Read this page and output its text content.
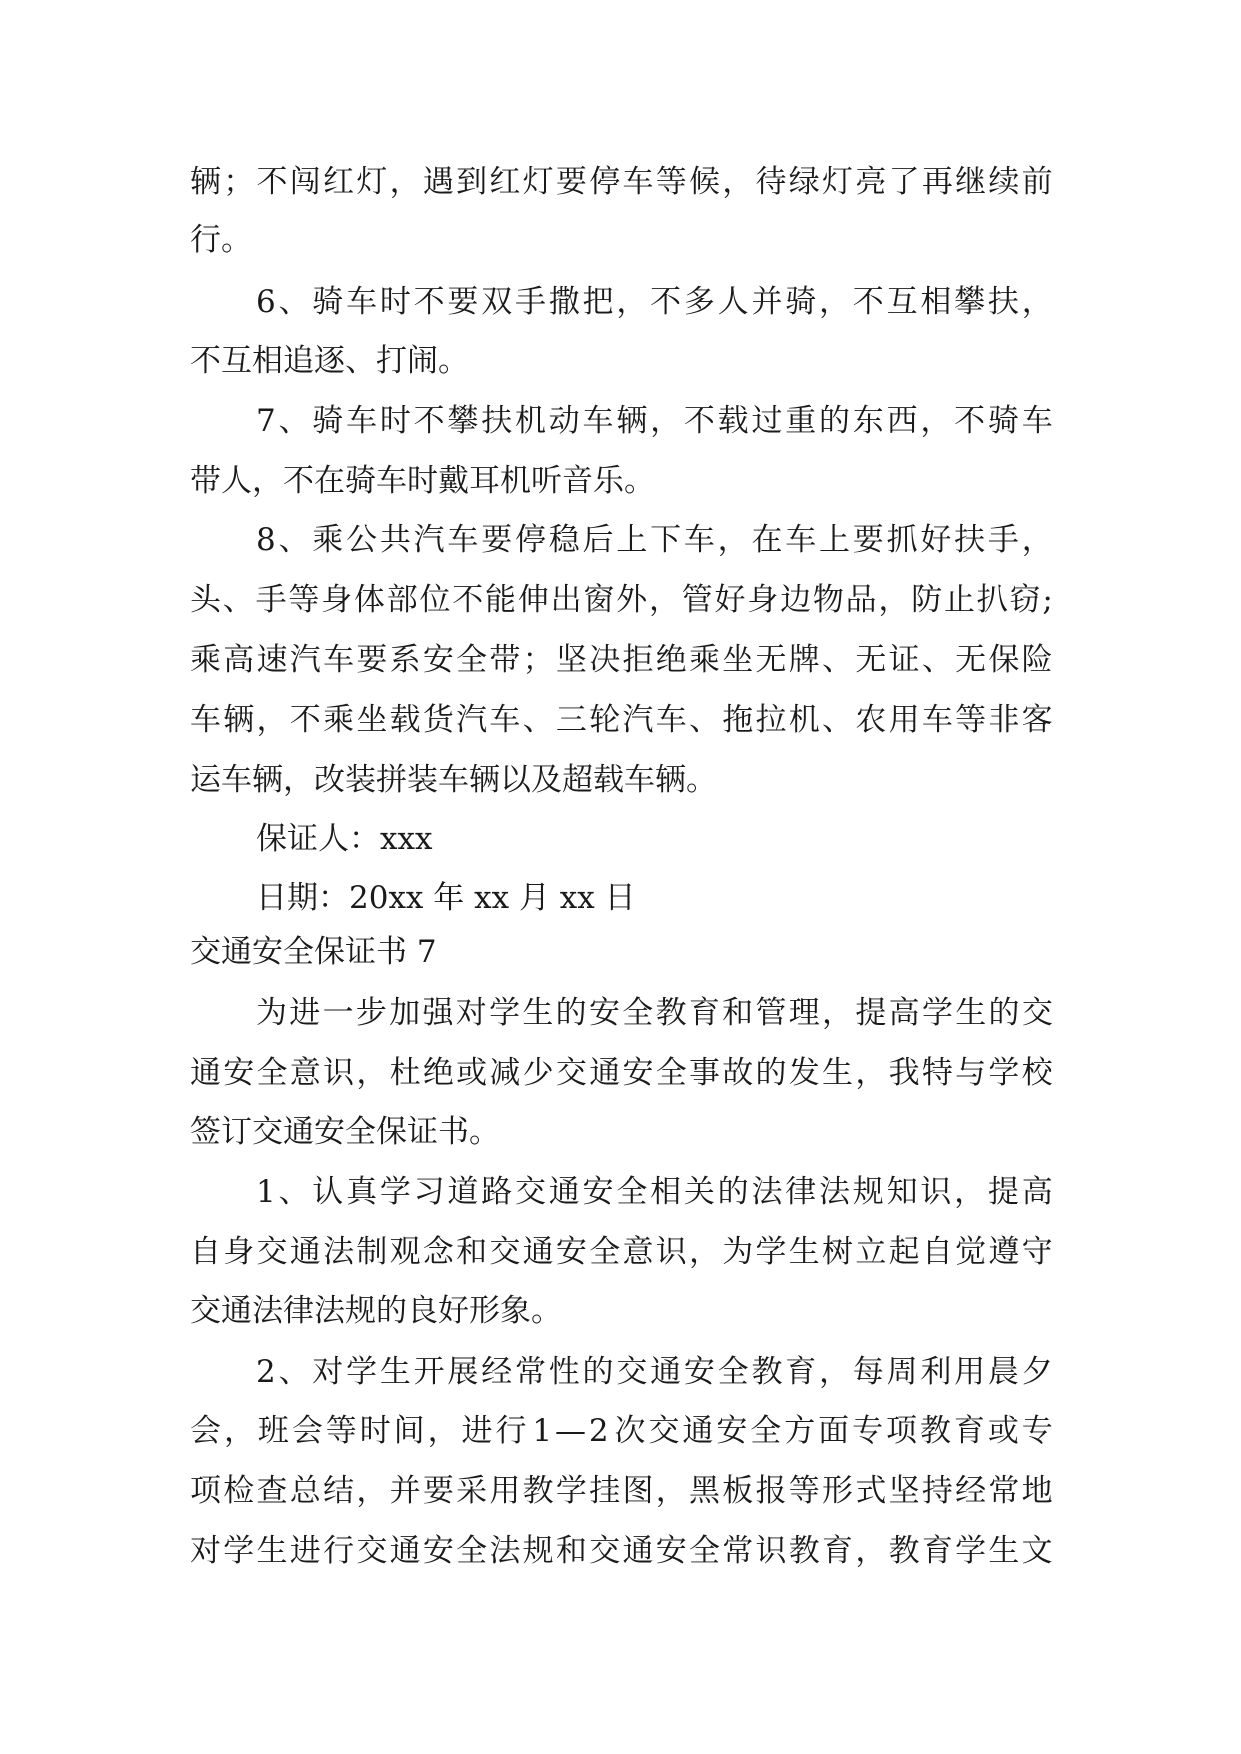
辆 ； 不 闯 红 灯 ， 遇 到 红 灯 要 停 车 等 候 ， 待 绿 灯 亮 了 再 继 续 前
行。
6 、 骑 车 时 不 要 双 手 撒 把 ， 不 多 人 并 骑 ， 不 互 相 攀 扶 ，
不互相追逐、打闹。
7 、 骑 车 时 不 攀 扶 机 动 车 辆 ， 不 载 过 重 的 东 西 ， 不 骑 车
带人，不在骑车时戴耳机听音乐。
8 、 乘 公 共 汽 车 要 停 稳 后 上 下 车 ， 在 车 上 要 抓 好 扶 手 ，
头 、 手 等 身 体 部 位 不 能 伸 出 窗 外 ， 管 好 身 边 物 品 ， 防 止 扒 窃 ;
乘 高 速 汽 车 要 系 安 全 带 ； 坚 决 拒 绝 乘 坐 无 牌 、 无 证 、 无 保 险
车 辆 ， 不 乘 坐 载 货 汽 车 、 三 轮 汽 车 、 拖 拉 机 、 农 用 车 等 非 客
运车辆，改装拼装车辆以及超载车辆。
保证人：xxx
日期：20xx 年 xx 月 xx 日
交通安全保证书 7
为 进 一 步 加 强 对 学 生 的 安 全 教 育 和 管 理 ， 提 高 学 生 的 交
通 安 全 意 识 ， 杜 绝 或 减 少 交 通 安 全 事 故 的 发 生 ， 我 特 与 学 校
签订交通安全保证书。
1 、 认 真 学 习 道 路 交 通 安 全 相 关 的 法 律 法 规 知 识 ， 提 高
自 身 交 通 法 制 观 念 和 交 通 安 全 意 识 ， 为 学 生 树 立 起 自 觉 遵 守
交通法律法规的良好形象。
2 、 对 学 生 开 展 经 常 性 的 交 通 安 全 教 育 ， 每 周 利 用 晨 夕
会 ， 班 会 等 时 间 ， 进 行 1 — 2 次 交 通 安 全 方 面 专 项 教 育 或 专
项 检 查 总 结 ， 并 要 采 用 教 学 挂 图 ， 黑 板 报 等 形 式 坚 持 经 常 地
对 学 生 进 行 交 通 安 全 法 规 和 交 通 安 全 常 识 教 育 ， 教 育 学 生 文
